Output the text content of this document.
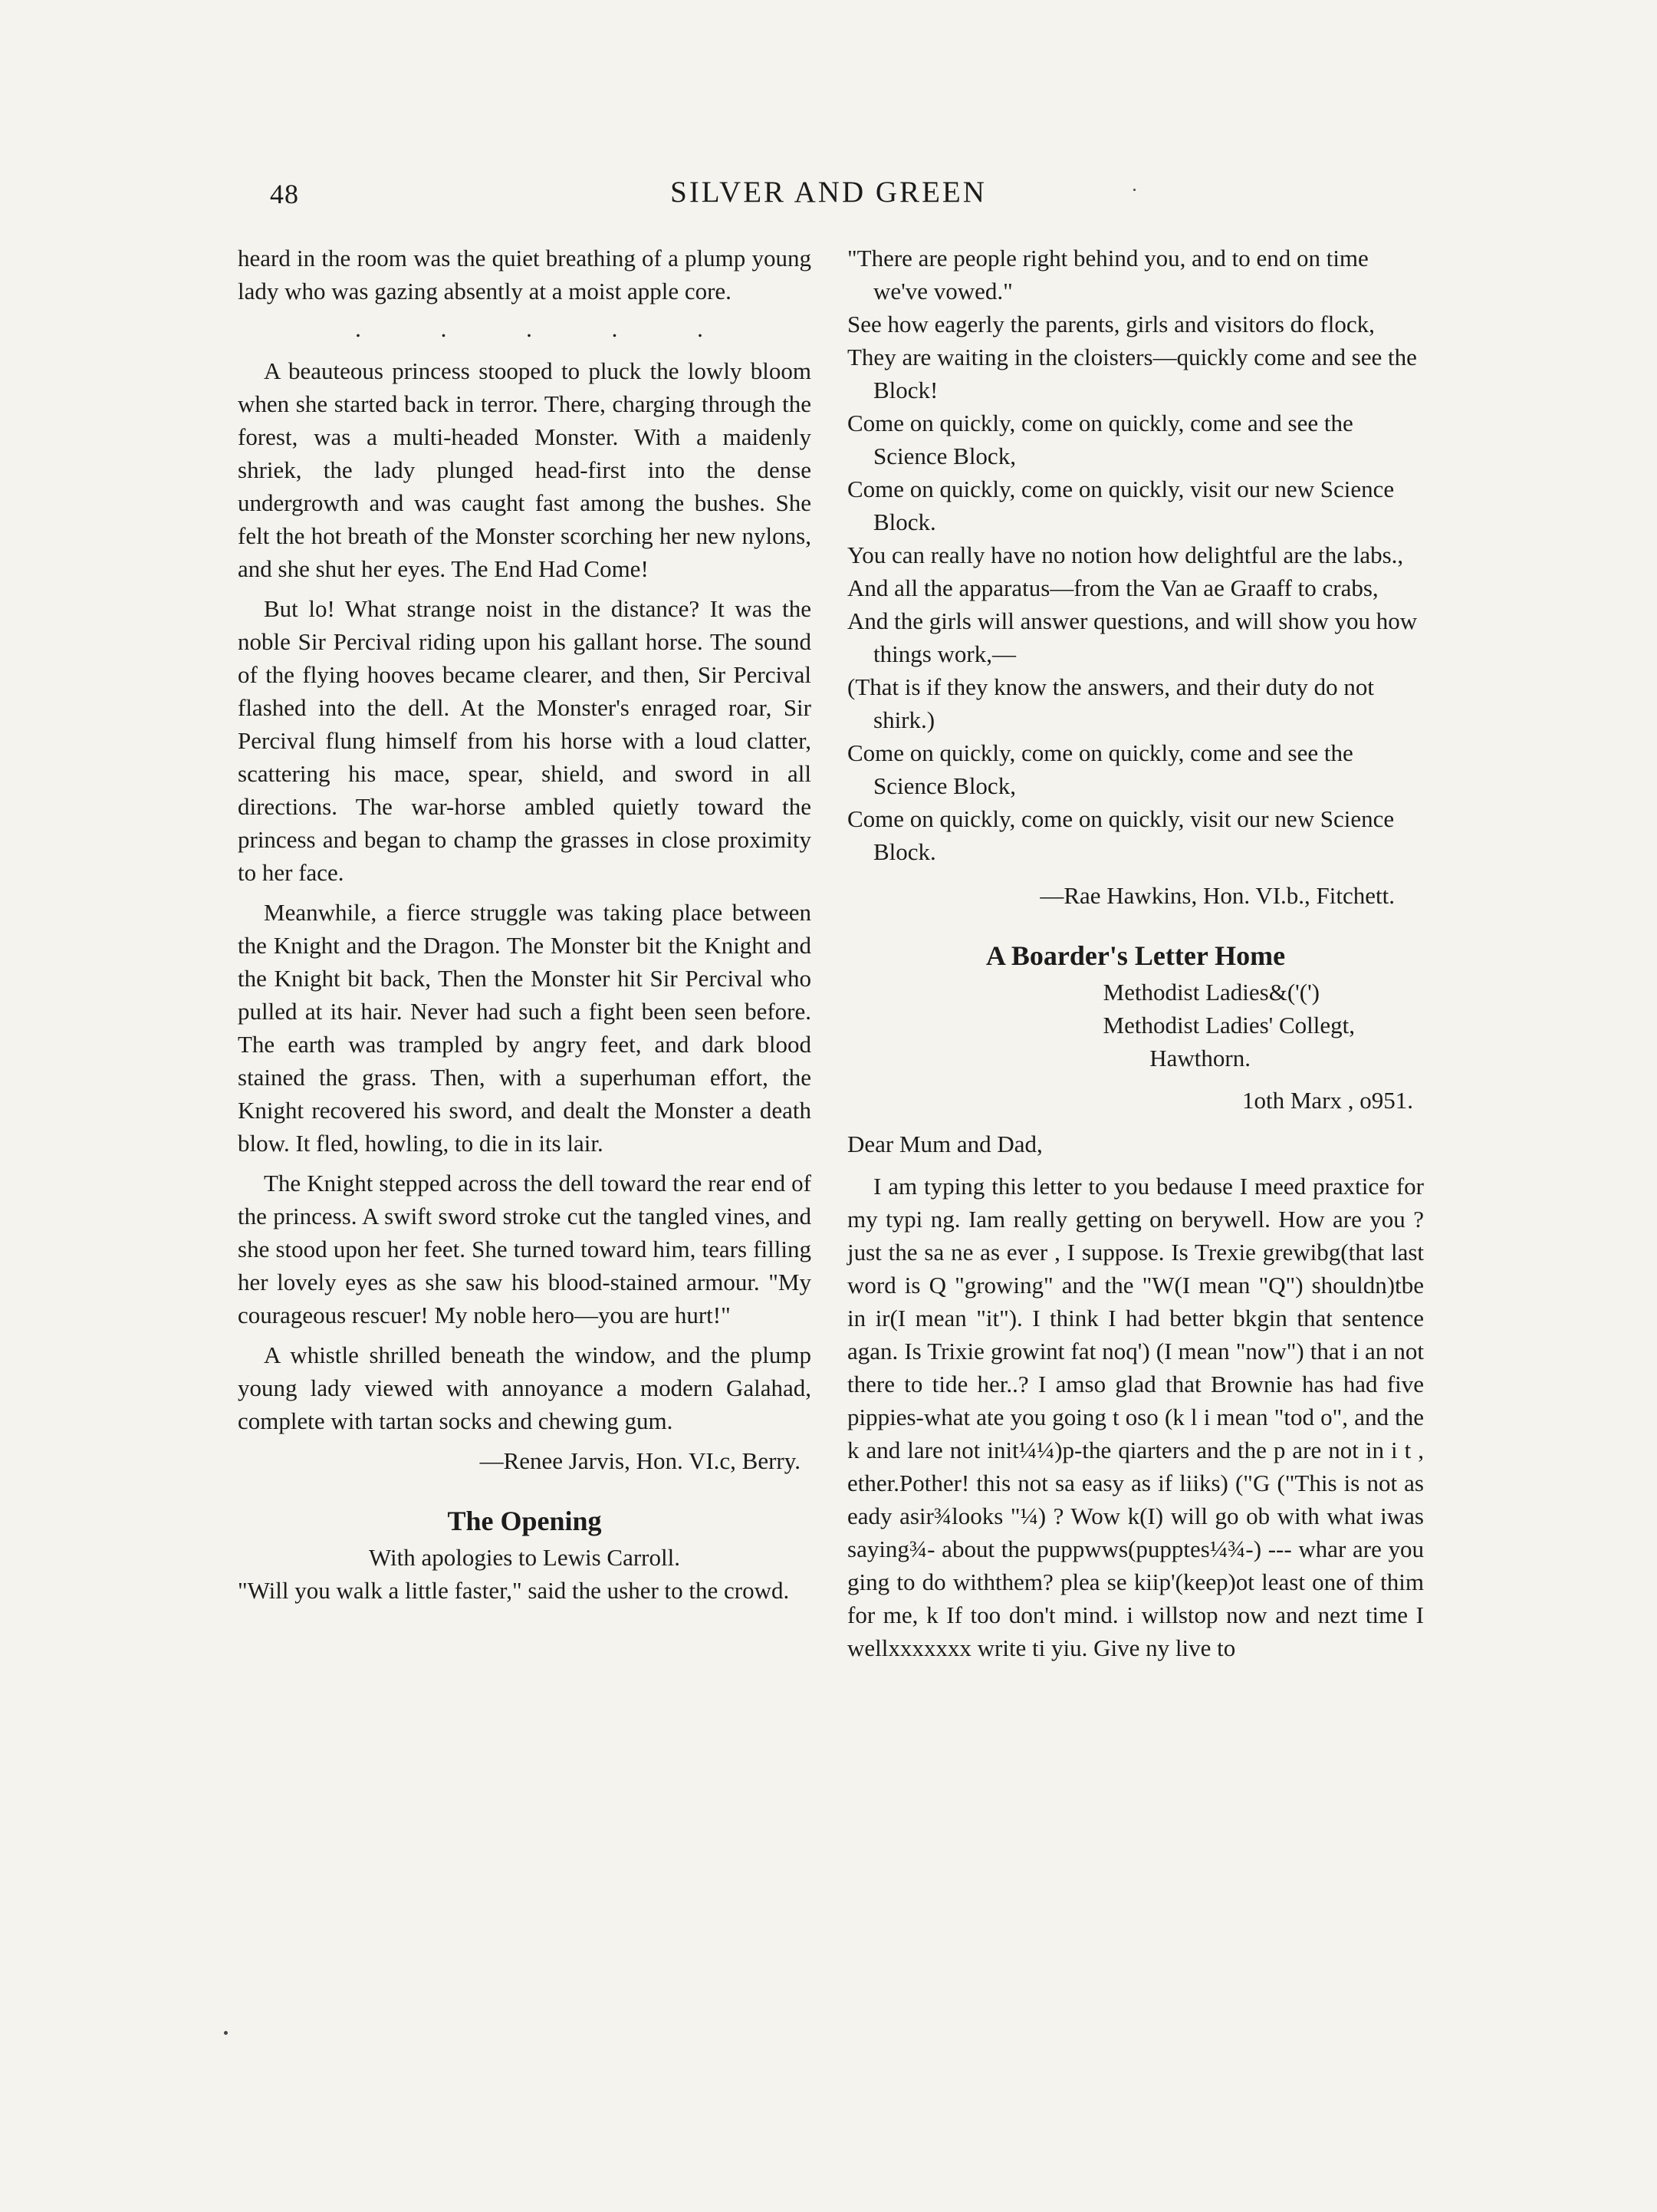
48	SILVER AND GREEN

heard in the room was the quiet breathing of a plump young lady who was gazing absently at a moist apple core.

. . . . .

A beauteous princess stooped to pluck the lowly bloom when she started back in terror. There, charging through the forest, was a multi-headed Monster. With a maidenly shriek, the lady plunged head-first into the dense undergrowth and was caught fast among the bushes. She felt the hot breath of the Monster scorching her new nylons, and she shut her eyes. The End Had Come!

But lo! What strange noist in the distance? It was the noble Sir Percival riding upon his gallant horse. The sound of the flying hooves became clearer, and then, Sir Percival flashed into the dell. At the Monster's enraged roar, Sir Percival flung himself from his horse with a loud clatter, scattering his mace, spear, shield, and sword in all directions. The war-horse ambled quietly toward the princess and began to champ the grasses in close proximity to her face.

Meanwhile, a fierce struggle was taking place between the Knight and the Dragon. The Monster bit the Knight and the Knight bit back, Then the Monster hit Sir Percival who pulled at its hair. Never had such a fight been seen before. The earth was trampled by angry feet, and dark blood stained the grass. Then, with a superhuman effort, the Knight recovered his sword, and dealt the Monster a death blow. It fled, howling, to die in its lair.

The Knight stepped across the dell toward the rear end of the princess. A swift sword stroke cut the tangled vines, and she stood upon her feet. She turned toward him, tears filling her lovely eyes as she saw his blood-stained armour. "My courageous rescuer! My noble hero—you are hurt!"

A whistle shrilled beneath the window, and the plump young lady viewed with annoyance a modern Galahad, complete with tartan socks and chewing gum.

—Renee Jarvis, Hon. VI.c, Berry.
The Opening
With apologies to Lewis Carroll.
"Will you walk a little faster," said the usher to the crowd.
"There are people right behind you, and to end on time we've vowed."
See how eagerly the parents, girls and visitors do flock,
They are waiting in the cloisters—quickly come and see the Block!
Come on quickly, come on quickly, come and see the Science Block,
Come on quickly, come on quickly, visit our new Science Block.
You can really have no notion how delightful are the labs.,
And all the apparatus—from the Van ae Graaff to crabs,
And the girls will answer questions, and will show you how things work,—
(That is if they know the answers, and their duty do not shirk.)
Come on quickly, come on quickly, come and see the Science Block,
Come on quickly, come on quickly, visit our new Science Block.
—Rae Hawkins, Hon. VI.b., Fitchett.
A Boarder's Letter Home
Methodist Ladies&('(')
Methodist Ladies' Collegt,
Hawthorn.
1oth Marx , o951.
Dear Mum and Dad,

I am typing this letter to you bedause I meed praxtice for my typi ng. Iam really getting on berywell. How are you ? just the sa ne as ever , I suppose. Is Trexie grewibg(that last word is Q "growing" and the "W(I mean "Q") shouldn)tbe in ir(I mean "it"). I think I had better bkgin that sentence agan. Is Trixie growint fat noq') (I mean "now") that i an not there to tide her..? I amso glad that Brownie has had five pippies-what ate you going t oso (k l i mean "tod o", and the k and lare not init¼¼)p-the qiarters and the p are not in i t , ether.Pother! this not sa easy as if liiks) ("G ("This is not as eady asir¾looks "¼) ? Wow k(I) will go ob with what iwas saying¾- about the puppwws(pupptes¼¾-) --- whar are you ging to do withthem? plea se kiip'(keep)ot least one of thim for me, k If too don't mind. i willstop now and nezt time I wellxxxxxxx write ti yiu. Give ny live to
